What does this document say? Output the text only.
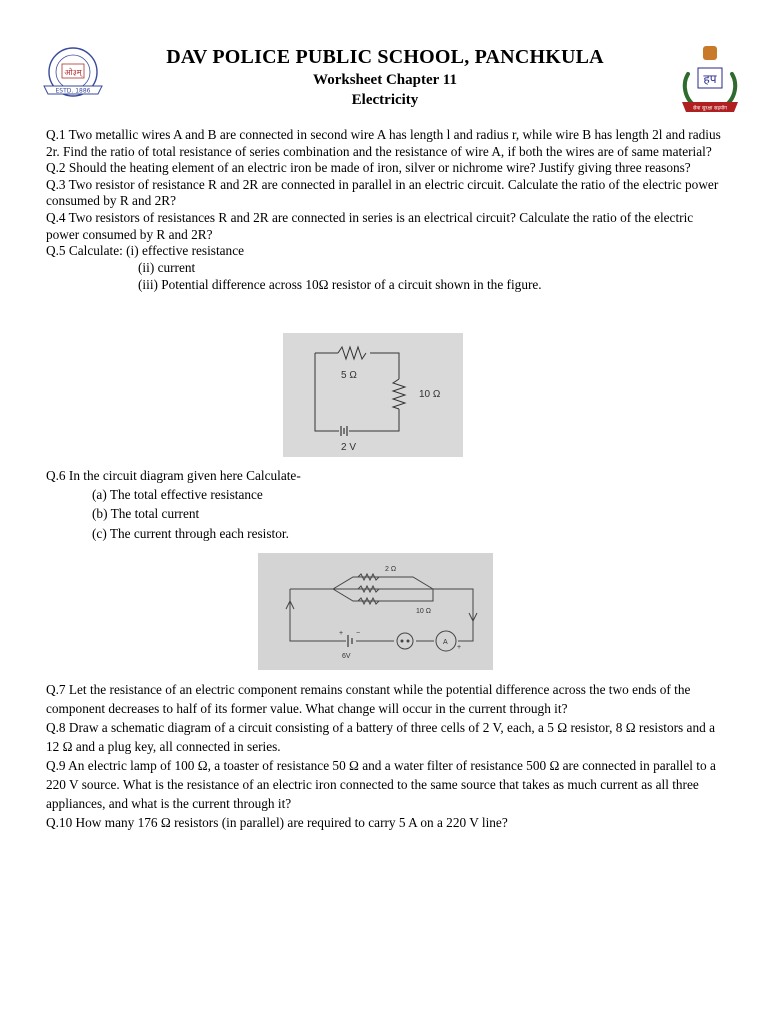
ओ३म्
ESTD. 1886
DAV POLICE PUBLIC SCHOOL, PANCHKULA
Worksheet Chapter 11
Electricity
हप
सेवा सुरक्षा सहयोग

Q.1 Two metallic wires A and B are connected in second wire A has length l and radius r, while wire B has length 2l and radius 2r. Find the ratio of total resistance of series combination and the resistance of wire A, if both the wires are of same material?

Q.2 Should the heating element of an electric iron be made of iron, silver or nichrome wire? Justify giving three reasons?

Q.3 Two resistor of resistance R and 2R are connected in parallel in an electric circuit. Calculate the ratio of the electric power consumed by R and 2R?

Q.4 Two resistors of resistances R and 2R are connected in series is an electrical circuit? Calculate the ratio of the electric power consumed by R and 2R?

Q.5 Calculate: (i) effective resistance

(ii) current

(iii) Potential difference across 10Ω resistor of a circuit shown in the figure.

5 Ω
10 Ω
2 V

Q.6 In the circuit diagram given here Calculate-

(a) The total effective resistance

(b) The total current

(c) The current through each resistor.

2 Ω
10 Ω
6V
A
+ −
+

Q.7 Let the resistance of an electric component remains constant while the potential difference across the two ends of the component decreases to half of its former value. What change will occur in the current through it?

Q.8 Draw a schematic diagram of a circuit consisting of a battery of three cells of 2 V, each, a 5 Ω resistor, 8 Ω resistors and a 12 Ω and a plug key, all connected in series.

Q.9 An electric lamp of 100 Ω, a toaster of resistance 50 Ω and a water filter of resistance 500 Ω are connected in parallel to a 220 V source. What is the resistance of an electric iron connected to the same source that takes as much current as all three appliances, and what is the current through it?

Q.10 How many 176 Ω resistors (in parallel) are required to carry 5 A on a 220 V line?
